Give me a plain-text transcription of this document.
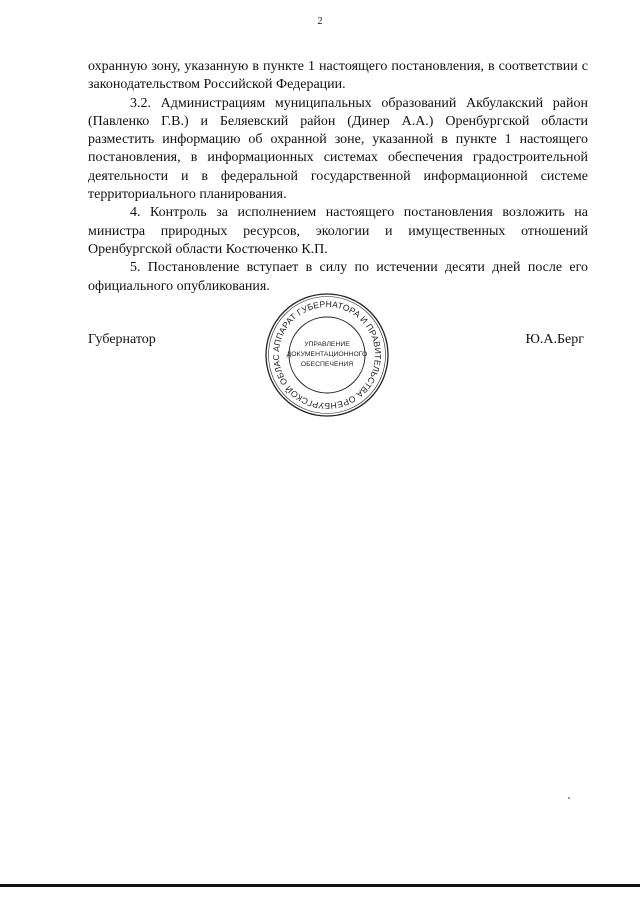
2

охранную зону, указанную в пункте 1 настоящего постановления, в соответствии с законодательством Российской Федерации.

3.2. Администрациям муниципальных образований Акбулакский район (Павленко Г.В.) и Беляевский район (Динер А.А.) Оренбургской области разместить информацию об охранной зоне, указанной в пункте 1 настоящего постановления, в информационных системах обеспечения градостроительной деятельности и в федеральной государственной информационной системе территориального планирования.

4. Контроль за исполнением настоящего постановления возложить на министра природных ресурсов, экологии и имущественных отношений Оренбургской области Костюченко К.П.

5. Постановление вступает в силу по истечении десяти дней после его официального опубликования.

Губернатор	Ю.А.Берг
АППАРАТ ГУБЕРНАТОРА И ПРАВИТЕЛЬСТВА ОРЕНБУРГСКОЙ ОБЛАС
УПРАВЛЕНИЕ
ДОКУМЕНТАЦИОННОГО
ОБЕСПЕЧЕНИЯ
